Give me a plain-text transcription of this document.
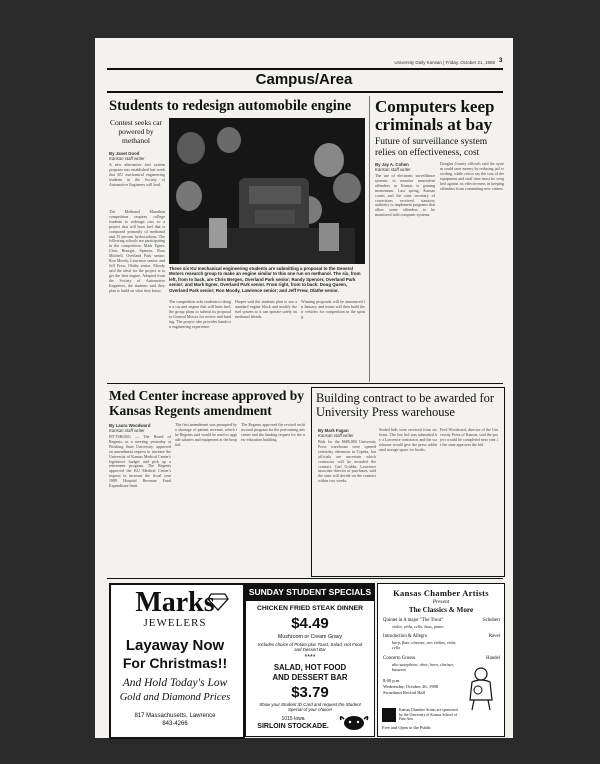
University Daily Kansan | Friday, October 21, 1988 3
Campus/Area
Students to redesign automobile engine
Contest seeks car powered by methanol
By Janet Good
Kansan staff writer
A new alternative fuel system program was established last week that KU mechanical engineering students in the Society of Automotive Engineers will lead.
The Methanol Marathon competition requires college students to redesign cars so a project that will burn fuel that is composed primarily of methanol and 15 percent hydrocarbons. The following schools are participating in the competition: Mark Egner, Chris Bourget, Spencer, Ross Mitchell, Overland Park senior; Ron Moody, Lawrence senior; and Jeff Frew, Olathe senior. Moody said the ideal for the project is to get the best engine. Adapted from the Society of Automotive Engineers, the students said they plan to build on what they know.
These six KU mechanical engineering students are submitting a proposal to the General Motors research group to make an engine similar to this one run on methanol. The six, from left, from to back, are Chris Bergen, Overland Park senior; Randy Spencer, Overland Park senior; and Mark Egner, Overland Park senior. From right, from to back: Doug Queen, Overland Park senior; Ron Moody, Lawrence senior; and Jeff Frew, Olathe senior.
The competition asks students to design a car and engine that will burn fuel; the group plans to submit its proposal to General Motors for review and funding. The project also provides hands-on engineering experience.
Harper said the students plan to use a standard engine block and modify the fuel system so it can operate safely on methanol blends.
Winning proposals will be announced in January, and teams will then build their vehicles for competition in the spring.
Computers keep criminals at bay
Future of surveillance system relies on effectiveness, cost
By Jay A. Cohen
Kansan staff writer
The use of electronic surveillance systems to monitor nonviolent offenders in Kansas is gaining momentum. Last spring, Kansas courts and the state secretary of corrections received statutory authority to implement programs that allow some offenders to be monitored with computer systems.
Douglas County officials said the system could save money by reducing jail crowding, while critics say the cost of the equipment and staff time must be weighed against its effectiveness in keeping offenders from committing new crimes.
Med Center increase approved by Kansas Regents amendment
By Laura Woodward
Kansan staff writer
PITTSBURG — The Board of Regents, in a meeting yesterday at Pittsburg State University, approved an amendment request to increase the University of Kansas Medical Center's legislative budget and pick up a retirement program. The Regents approved the KU Medical Center's request to increase the fiscal year 1989 Hospital Revenue Fund Expenditure limit.
The first amendment was prompted by a shortage of patient revenue, which the Regents said would be used to upgrade salaries and equipment at the hospital.
The Regents approved the revised architectural program for the performing arts center and the funding request for the new education building.
Building contract to be awarded for University Press warehouse
By Mark Fagan
Kansan staff writer
Bids for the $686,000 University Press warehouse were opened yesterday afternoon in Topeka, but officials are uncertain which contractor will be awarded the contract. Carl Grubbs, Lawrence associate director of purchases, said the state will decide on the contract within two weeks.
Sealed bids were received from six firms. The low bid was submitted by a Lawrence contractor, and the warehouse would give the press additional storage space for books.
Fred Woodward, director of the University Press of Kansas, said the project would be completed next year if the state approves the bid.
Marks
JEWELERS
Layaway Now
For Christmas!!
And Hold Today's Low
Gold and Diamond Prices
817 Massachusetts, Lawrence
843-4266
SUNDAY STUDENT SPECIALS
CHICKEN FRIED STEAK DINNER
$4.49
Mushroom or Cream Gravy
Includes choice of Potato plus Toast, Salad, Hot Food and Dessert Bar
****
SALAD, HOT FOOD
AND DESSERT BAR
$3.79
Show your Student ID Card and request the Student Special of your choice!
1015 Iowa
SIRLOIN STOCKADE.
Kansas Chamber Artists
Present
The Classics & More
Quintet in A major "The Trout"	Schubert
violin, viola, cello, bass, piano
Introduction & Allegro	Ravel
harp, flute, clarinet, two violins, viola, cello
Concerto Grosso	Handel
alto saxophone, oboe, horn, clarinet, bassoon
8:00 p.m.
Wednesday, October 26, 1988
Swarthout Recital Hall
Kansas Chamber Artists are sponsored by the University of Kansas School of Fine Arts
Free and Open to the Public
